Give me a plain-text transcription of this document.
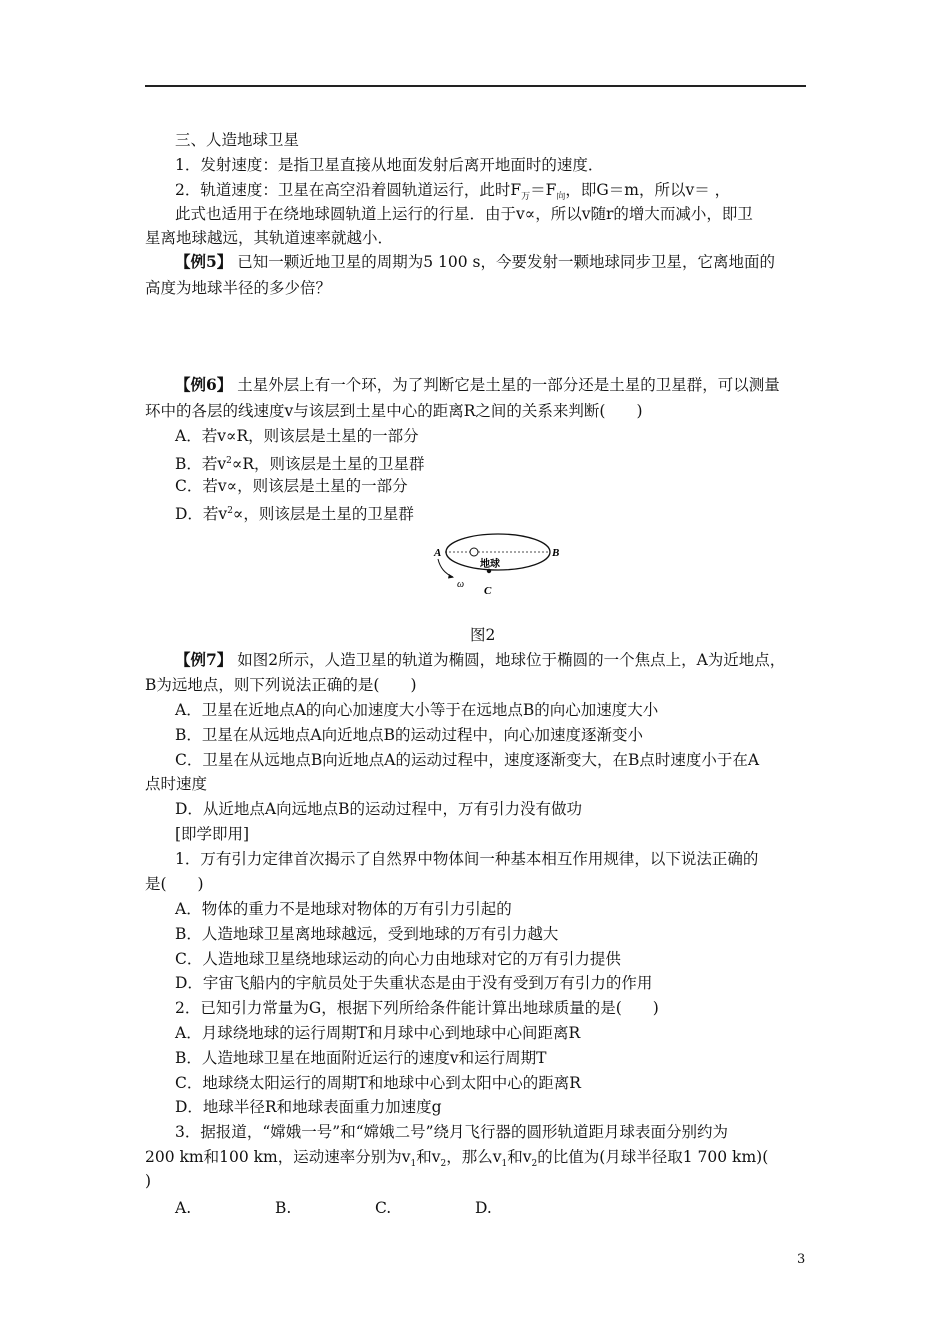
三、人造地球卫星
1．发射速度：是指卫星直接从地面发射后离开地面时的速度．
2．轨道速度：卫星在高空沿着圆轨道运行，此时$F_万=F_向$，即G＝m，所以v＝ ，
此式也适用于在绕地球圆轨道上运行的行星．由于v∝，所以v随r的增大而减小，即卫
星离地球越远，其轨道速率就越小．
【例5】 已知一颗近地卫星的周期为5 100 s，今要发射一颗地球同步卫星，它离地面的
高度为地球半径的多少倍？
【例6】 土星外层上有一个环，为了判断它是土星的一部分还是土星的卫星群，可以测量
环中的各层的线速度v与该层到土星中心的距离R之间的关系来判断(　　)
A．若v∝R，则该层是土星的一部分
B．若$v^2\propto R$，则该层是土星的卫星群
C．若v∝，则该层是土星的一部分
D．若$v^2\propto$，则该层是土星的卫星群
A	B
C
ω
地球
图2
【例7】 如图2所示，人造卫星的轨道为椭圆，地球位于椭圆的一个焦点上，A为近地点，
B为远地点，则下列说法正确的是(　　)
A．卫星在近地点A的向心加速度大小等于在远地点B的向心加速度大小
B．卫星在从远地点A向近地点B的运动过程中，向心加速度逐渐变小
C．卫星在从远地点B向近地点A的运动过程中，速度逐渐变大，在B点时速度小于在A
点时速度
D．从近地点A向远地点B的运动过程中，万有引力没有做功
[即学即用]
1．万有引力定律首次揭示了自然界中物体间一种基本相互作用规律，以下说法正确的
是(　　)
A．物体的重力不是地球对物体的万有引力引起的
B．人造地球卫星离地球越远，受到地球的万有引力越大
C．人造地球卫星绕地球运动的向心力由地球对它的万有引力提供
D．宇宙飞船内的宇航员处于失重状态是由于没有受到万有引力的作用
2．已知引力常量为G，根据下列所给条件能计算出地球质量的是(　　)
A．月球绕地球的运行周期T和月球中心到地球中心间距离R
B．人造地球卫星在地面附近运行的速度v和运行周期T
C．地球绕太阳运行的周期T和地球中心到太阳中心的距离R
D．地球半径R和地球表面重力加速度g
3．据报道，“嫦娥一号”和“嫦娥二号”绕月飞行器的圆形轨道距月球表面分别约为
200 km和100 km，运动速率分别为$v_1$和$v_2$，那么$v_1$和$v_2$的比值为(月球半径取1 700 km)(
)
A.	B.	C.	D.
3
